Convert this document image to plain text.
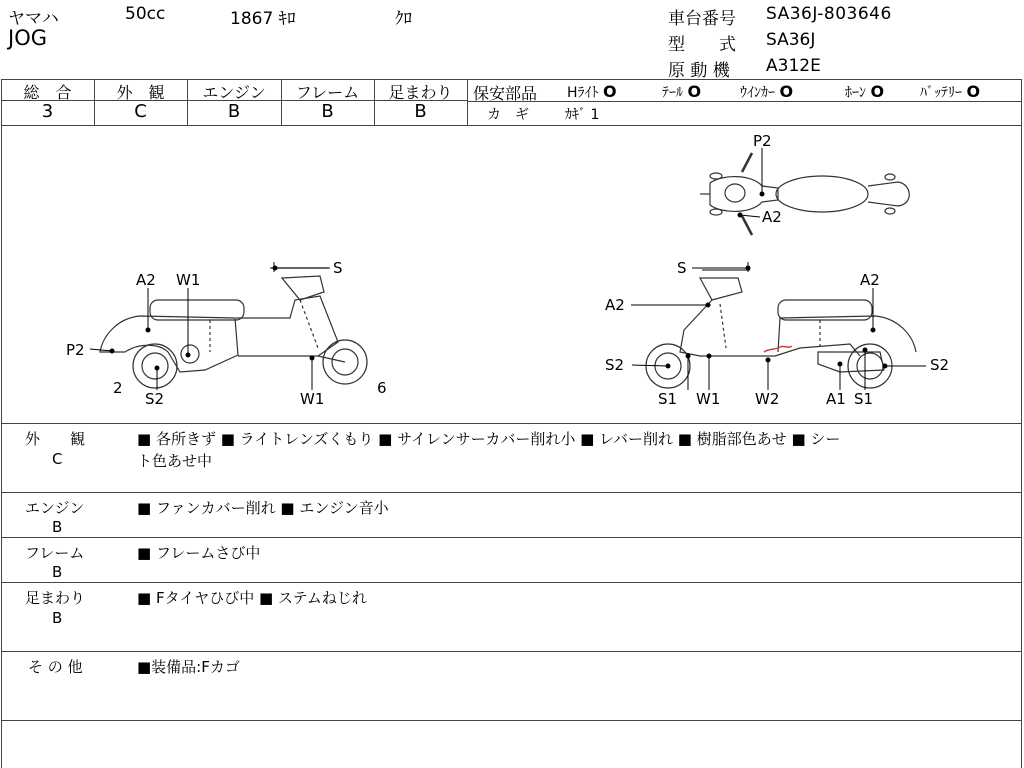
ヤマハ	50cc	1867 ｷﾛ	ｸﾛ
JOG
車台番号 SA36J-803646
型　　式 SA36J
原 動 機 A312E
総　合	外　観	エンジン	フレーム	足まわり
3	C	B	B	B
保安部品 Hﾗｲﾄ O	ﾃｰﾙ O	ｳｲﾝｶｰ O	ﾎｰﾝ O	ﾊﾞｯﾃﾘｰ O
カ　ギ	ｶｷﾞ 1
P2
A2
S
A2 W1
P2
2
S2	W1
6
S
A2
A2
S2	S2
S1 W1 W2	A1 S1
外　　観
C
■ 各所きず ■ ライトレンズくもり ■ サイレンサーカバー削れ小 ■ レバー削れ ■ 樹脂部色あせ ■ シー
ト色あせ中
エンジン
B
■ ファンカバー削れ ■ エンジン音小
フレーム
B
■ フレームさび中
足まわり
B
■ Fタイヤひび中 ■ ステムねじれ
そ の 他	■装備品:Fカゴ
